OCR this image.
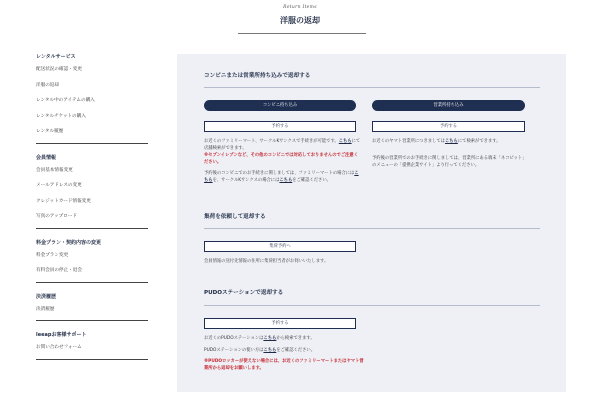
Return Items
洋服の返却
レンタルサービス
配送状況の確認・変更
洋服の返却
レンタル中のアイテムの購入
レンタルチケットの購入
レンタル履歴
会員情報
会員基本情報変更
メールアドレスの変更
クレジットカード情報変更
写真のアップロード
料金プラン・契約内容の変更
料金プラン変更
有料会員の停止・退会
決済履歴
決済履歴
leeapお客様サポート
お問い合わせフォーム
コンビニまたは営業所持ち込みで返却する
コンビニ持ち込み
予約する
お近くのファミリーマート、サークルKサンクスで手続きが可能です。こちらにて店舗検索ができます。
※セブンイレブンなど、その他のコンビニでは対応しておりませんのでご注意ください。
予約後のコンビニでのお手続きに関しましては、ファミリーマートの場合にはこちらを、サークルKサンクスの場合にはこちらをご確認ください。
営業所持ち込み
予約する
お近くのヤマト営業所につきましてはこちらにて検索ができます。
予約後の営業所でのお手続きに関しましては、営業所にある端末「ネコピット」のメニューの「提携企業サイト」より行ってください。
集荷を依頼して返却する
集荷予約へ
会員情報の送付先情報の住所に集荷担当者がお伺いいたします。
PUDOステーションで返却する
予約する
お近くのPUDOステーションはこちらから検索できます。
PUDOステーションの使い方はこちらをご確認ください。
※PUDOロッカーが使えない場合には、お近くのファミリーマートまたはヤマト営業所から返却をお願いします。
